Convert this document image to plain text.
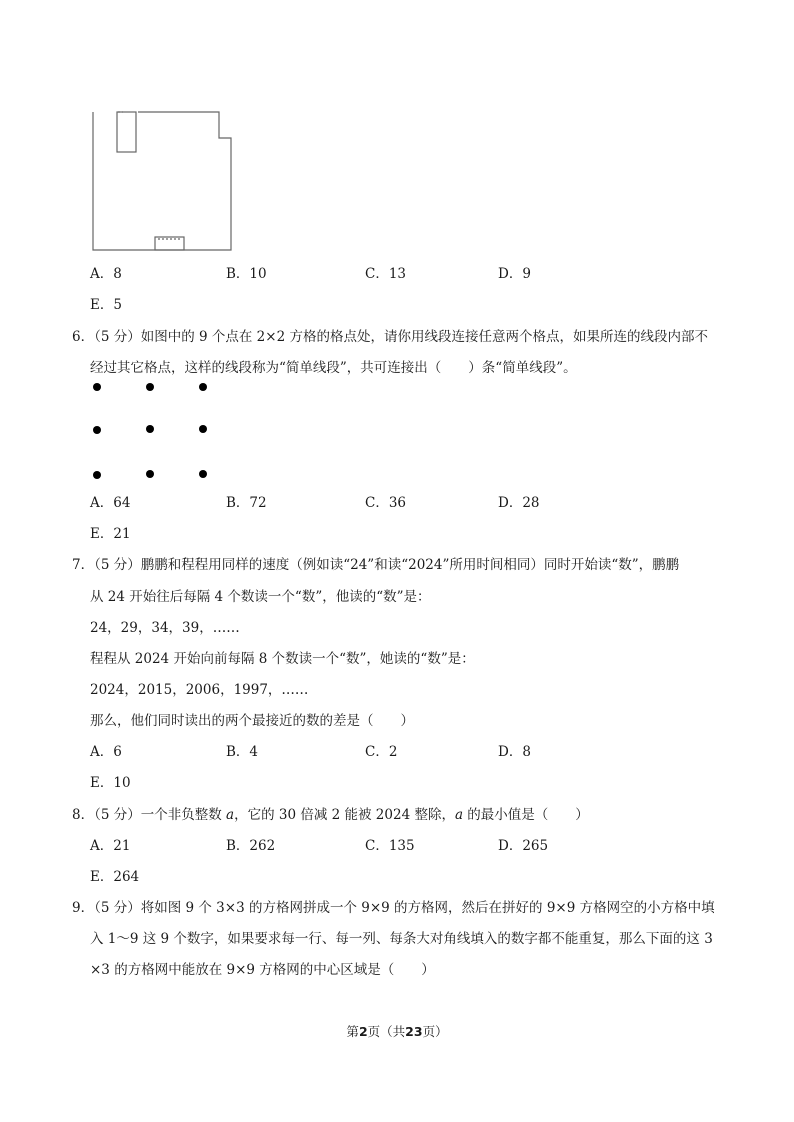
A．8	B．10	C．13	D．9
E．5
6．（5 分）如图中的 9 个点在 2×2 方格的格点处，请你用线段连接任意两个格点，如果所连的线段内部不
经过其它格点，这样的线段称为“简单线段”，共可连接出（　　）条“简单线段”。
A．64	B．72	C．36	D．28
E．21
7．（5 分）鹏鹏和程程用同样的速度（例如读“24”和读“2024”所用时间相同）同时开始读“数”，鹏鹏
从 24 开始往后每隔 4 个数读一个“数”，他读的“数”是：
24，29，34，39，……
程程从 2024 开始向前每隔 8 个数读一个“数”，她读的“数”是：
2024，2015，2006，1997，……
那么，他们同时读出的两个最接近的数的差是（　　）
A．6	B．4	C．2	D．8
E．10
8．（5 分）一个非负整数 a，它的 30 倍减 2 能被 2024 整除，a 的最小值是（　　）
A．21	B．262	C．135	D．265
E．264
9．（5 分）将如图 9 个 3×3 的方格网拼成一个 9×9 的方格网，然后在拼好的 9×9 方格网空的小方格中填
入 1～9 这 9 个数字，如果要求每一行、每一列、每条大对角线填入的数字都不能重复，那么下面的这 3
×3 的方格网中能放在 9×9 方格网的中心区域是（　　）
第2页（共23页）
